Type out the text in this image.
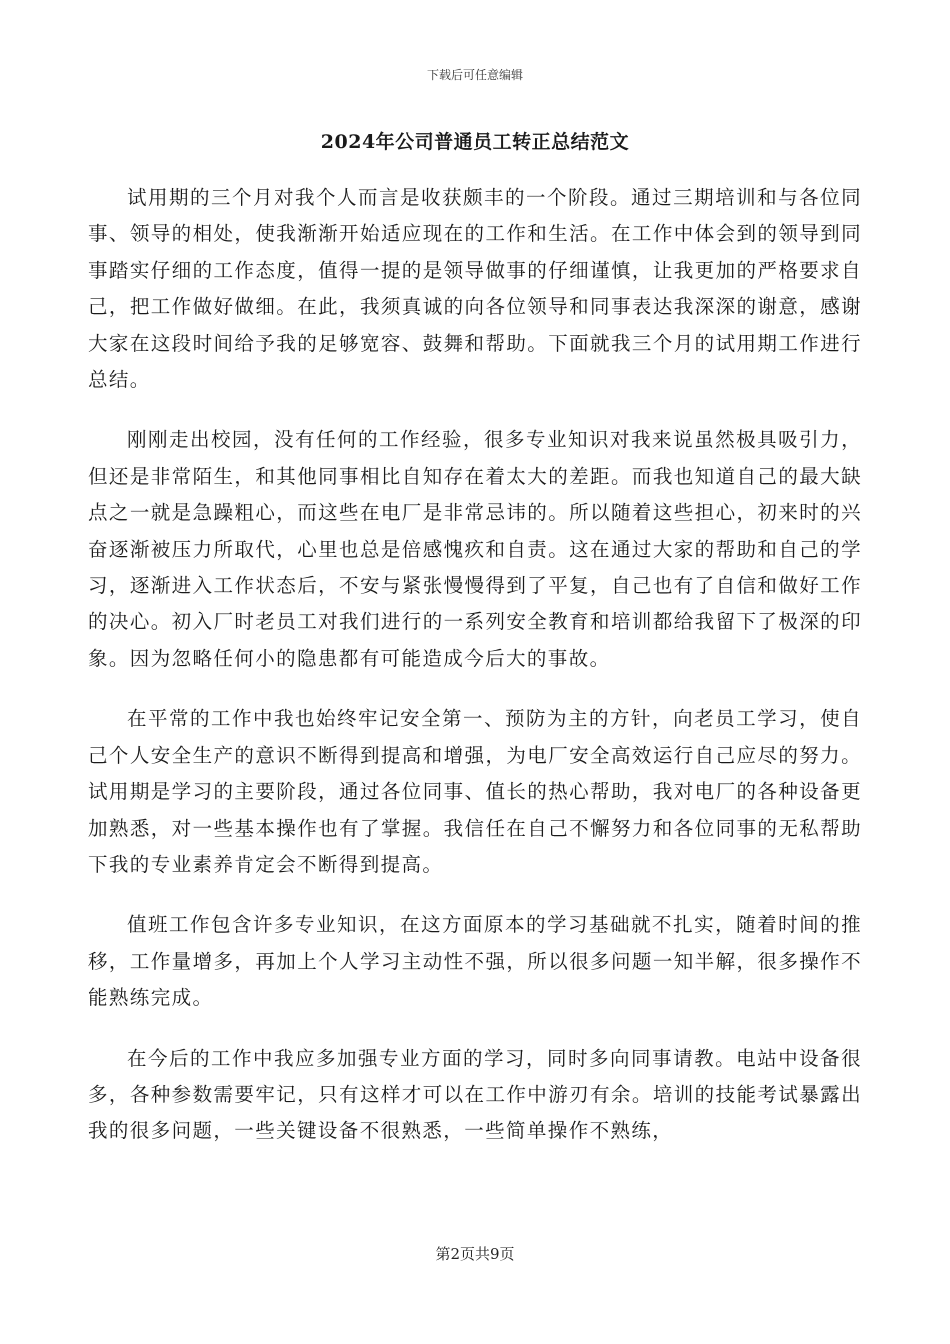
下载后可任意编辑
2024年公司普通员工转正总结范文

试用期的三个月对我个人而言是收获颇丰的一个阶段。通过三期培训和与各位同事、领导的相处，使我渐渐开始适应现在的工作和生活。在工作中体会到的领导到同事踏实仔细的工作态度，值得一提的是领导做事的仔细谨慎，让我更加的严格要求自己，把工作做好做细。在此，我须真诚的向各位领导和同事表达我深深的谢意，感谢大家在这段时间给予我的足够宽容、鼓舞和帮助。下面就我三个月的试用期工作进行总结。

刚刚走出校园，没有任何的工作经验，很多专业知识对我来说虽然极具吸引力，但还是非常陌生，和其他同事相比自知存在着太大的差距。而我也知道自己的最大缺点之一就是急躁粗心，而这些在电厂是非常忌讳的。所以随着这些担心，初来时的兴奋逐渐被压力所取代，心里也总是倍感愧疚和自责。这在通过大家的帮助和自己的学习，逐渐进入工作状态后，不安与紧张慢慢得到了平复，自己也有了自信和做好工作的决心。初入厂时老员工对我们进行的一系列安全教育和培训都给我留下了极深的印象。因为忽略任何小的隐患都有可能造成今后大的事故。

在平常的工作中我也始终牢记安全第一、预防为主的方针，向老员工学习，使自己个人安全生产的意识不断得到提高和增强，为电厂安全高效运行自己应尽的努力。试用期是学习的主要阶段，通过各位同事、值长的热心帮助，我对电厂的各种设备更加熟悉，对一些基本操作也有了掌握。我信任在自己不懈努力和各位同事的无私帮助下我的专业素养肯定会不断得到提高。

值班工作包含许多专业知识，在这方面原本的学习基础就不扎实，随着时间的推移，工作量增多，再加上个人学习主动性不强，所以很多问题一知半解，很多操作不能熟练完成。

在今后的工作中我应多加强专业方面的学习，同时多向同事请教。电站中设备很多，各种参数需要牢记，只有这样才可以在工作中游刃有余。培训的技能考试暴露出我的很多问题，一些关键设备不很熟悉，一些简单操作不熟练，

第2页共9页
